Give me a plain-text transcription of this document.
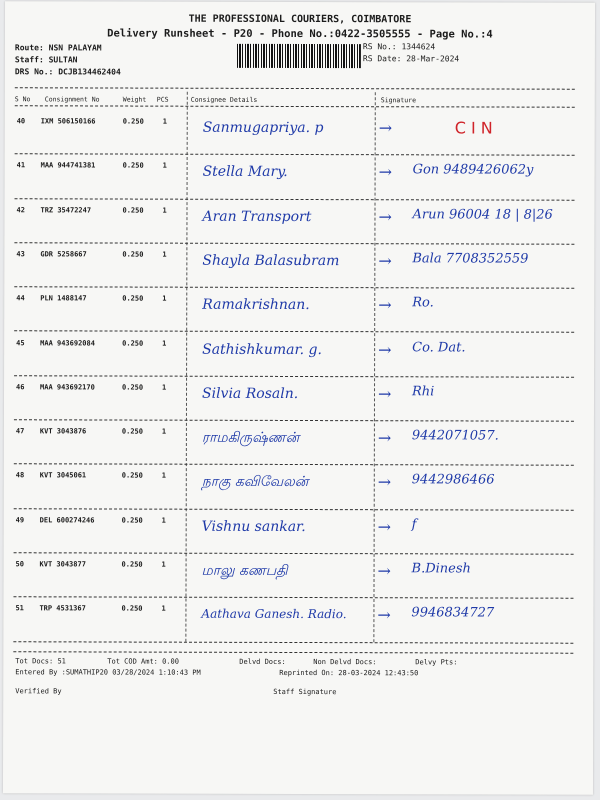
THE PROFESSIONAL COURIERS, COIMBATORE
Delivery Runsheet - P20 - Phone No.:0422-3505555 - Page No.:4
Route: NSN PALAYAM
Staff: SULTAN
DRS No.: DCJB134462404
RS No.: 1344624
RS Date: 28-Mar-2024
S No Consignment No	Weight PCS	Consignee Details	Signature
40 IXM 506150166	0.250	1	Sanmugapriya. p	→	C I N
41 MAA 944741381	0.250	1	Stella Mary.	→ Gon 9489426062y
42 TRZ 35472247	0.250	1	Aran Transport	→ Arun 96004 18 | 8|26
43 GDR 5258667	0.250	1	Shayla Balasubram → Bala 7708352559
44 PLN 1488147	0.250	1	Ramakrishnan.	→ Ro.
45 MAA 943692084	0.250	1	Sathishkumar. g.	→ Co. Dat.
46 MAA 943692170	0.250	1	Silvia Rosaln.	→ Rhi
47 KVT 3043876	0.250	1	ராமகிருஷ்ணன்	→ 9442071057.
48 KVT 3045061	0.250	1	நாகு கவிவேலன்	→ 9442986466
49 DEL 600274246	0.250	1	Vishnu sankar.	→ f
50 KVT 3043877	0.250	1	மாலு கணபதி	→ B.Dinesh
51 TRP 4531367	0.250	1	Aathava Ganesh. Radio. → 9946834727
Tot Docs: 51	Tot COD Amt: 0.00	Delvd Docs:	Non Delvd Docs:	Delvy Pts:
Entered By :SUMATHIP20 03/28/2024 1:10:43 PM	Reprinted On: 28-03-2024 12:43:50
Verified By	Staff Signature
